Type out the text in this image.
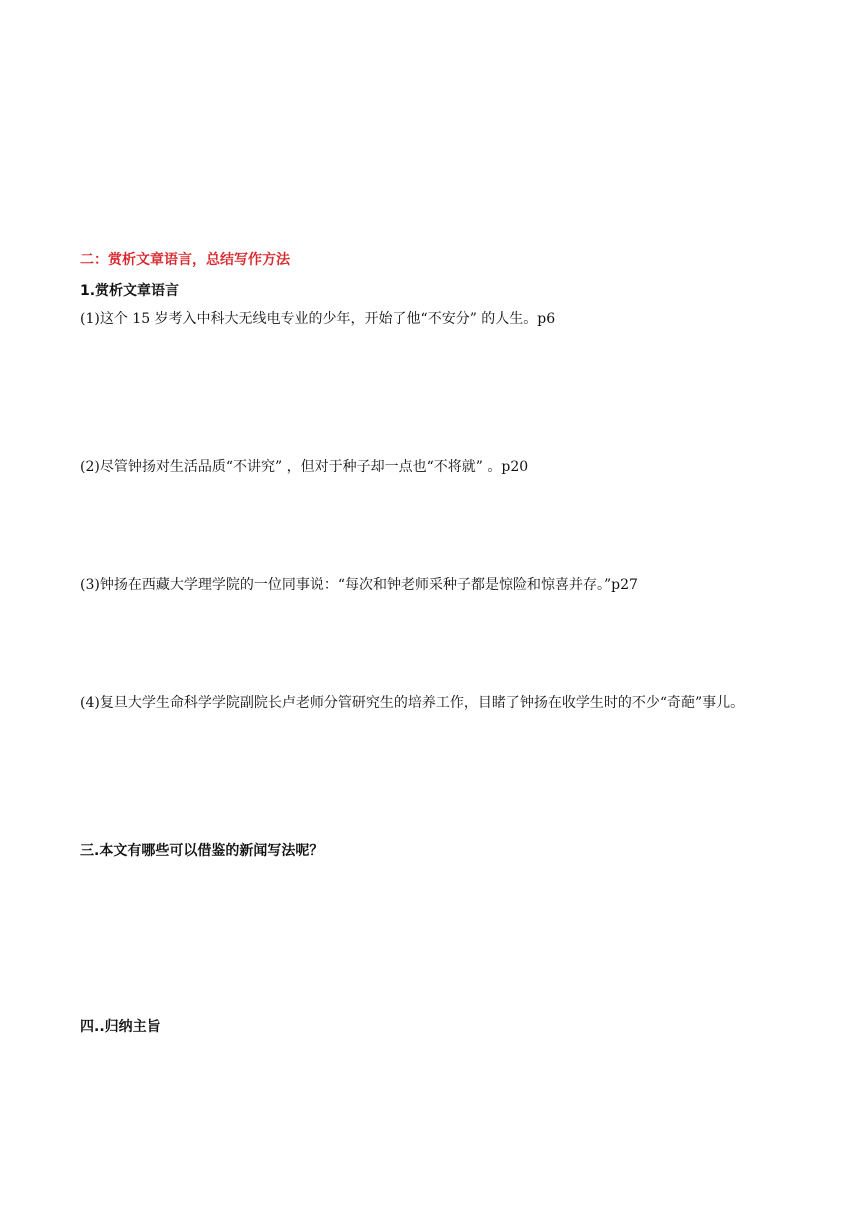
二：赏析文章语言，总结写作方法
1.赏析文章语言
(1)这个 15 岁考入中科大无线电专业的少年，开始了他“不安分” 的人生。p6
(2)尽管钟扬对生活品质“不讲究” ，但对于种子却一点也“不将就” 。p20
(3)钟扬在西藏大学理学院的一位同事说：“每次和钟老师采种子都是惊险和惊喜并存。”p27
(4)复旦大学生命科学学院副院长卢老师分管研究生的培养工作，目睹了钟扬在收学生时的不少“奇葩”事儿。
三.本文有哪些可以借鉴的新闻写法呢？
四..归纳主旨
